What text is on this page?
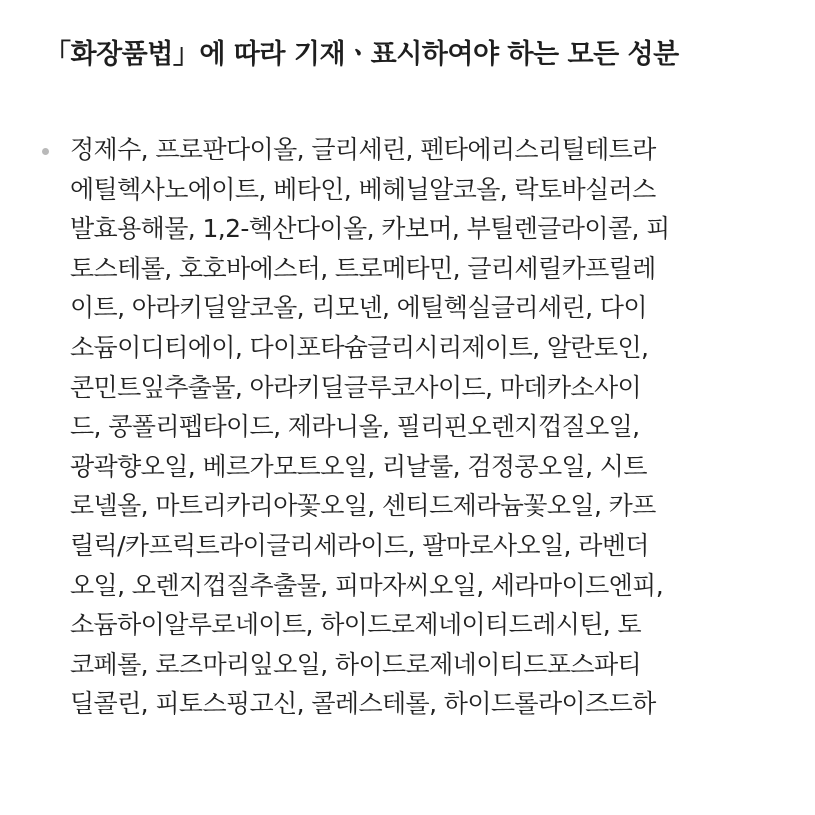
「화장품법」에 따라 기재ㆍ표시하여야 하는 모든 성분
정제수, 프로판다이올, 글리세린, 펜타에리스리틸테트라
에틸헥사노에이트, 베타인, 베헤닐알코올, 락토바실러스
발효용해물, 1,2-헥산다이올, 카보머, 부틸렌글라이콜, 피
토스테롤, 호호바에스터, 트로메타민, 글리세릴카프릴레
이트, 아라키딜알코올, 리모넨, 에틸헥실글리세린, 다이
소듐이디티에이, 다이포타슘글리시리제이트, 알란토인,
콘민트잎추출물, 아라키딜글루코사이드, 마데카소사이
드, 콩폴리펩타이드, 제라니올, 필리핀오렌지껍질오일,
광곽향오일, 베르가모트오일, 리날룰, 검정콩오일, 시트
로넬올, 마트리카리아꽃오일, 센티드제라늄꽃오일, 카프
릴릭/카프릭트라이글리세라이드, 팔마로사오일, 라벤더
오일, 오렌지껍질추출물, 피마자씨오일, 세라마이드엔피,
소듐하이알루로네이트, 하이드로제네이티드레시틴, 토
코페롤, 로즈마리잎오일, 하이드로제네이티드포스파티
딜콜린, 피토스핑고신, 콜레스테롤, 하이드롤라이즈드하
